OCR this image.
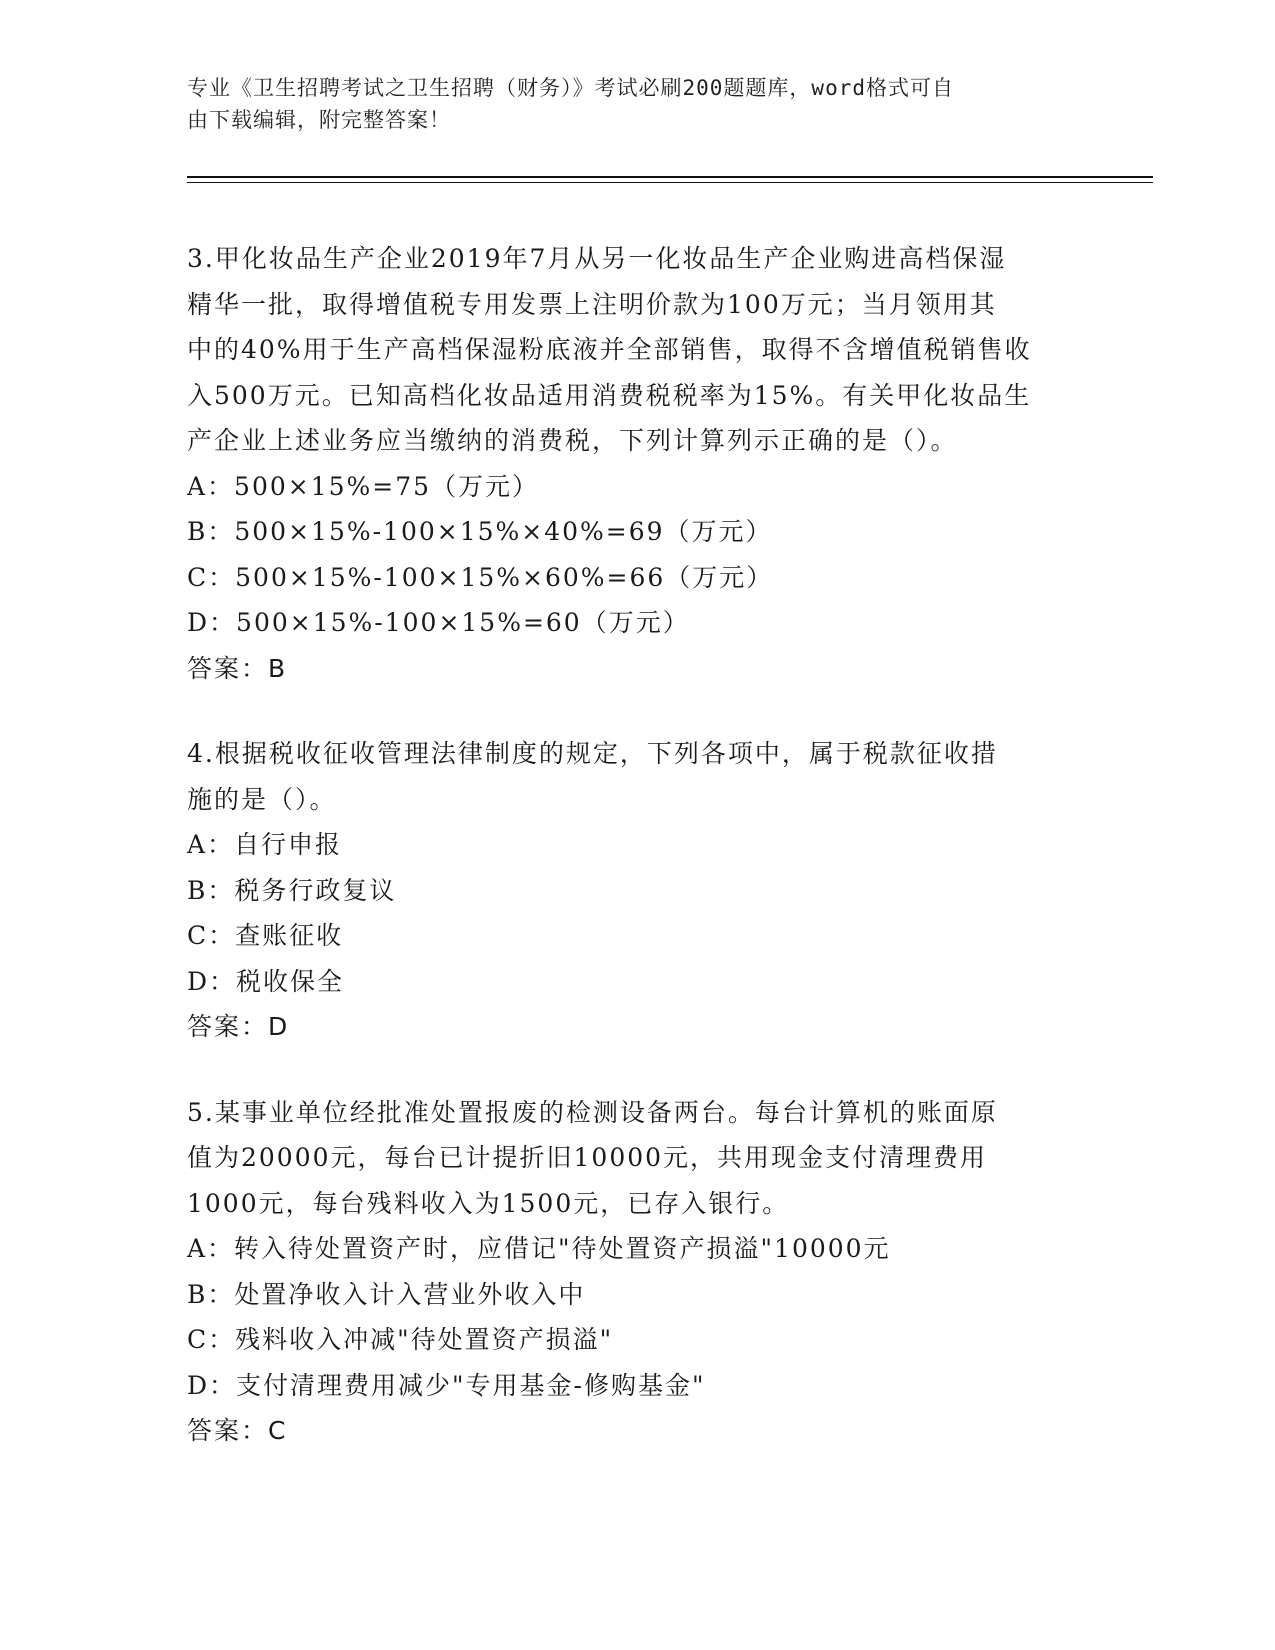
专业《卫生招聘考试之卫生招聘（财务）》考试必刷200题题库，word格式可自
由下载编辑，附完整答案！
3.甲化妆品生产企业2019年7月从另一化妆品生产企业购进高档保湿
精华一批，取得增值税专用发票上注明价款为100万元；当月领用其
中的40%用于生产高档保湿粉底液并全部销售，取得不含增值税销售收
入500万元。已知高档化妆品适用消费税税率为15%。有关甲化妆品生
产企业上述业务应当缴纳的消费税，下列计算列示正确的是（）。
A：500×15%=75（万元）
B：500×15%-100×15%×40%=69（万元）
C：500×15%-100×15%×60%=66（万元）
D：500×15%-100×15%=60（万元）
答案：B
4.根据税收征收管理法律制度的规定，下列各项中，属于税款征收措
施的是（）。
A：自行申报
B：税务行政复议
C：查账征收
D：税收保全
答案：D
5.某事业单位经批准处置报废的检测设备两台。每台计算机的账面原
值为20000元，每台已计提折旧10000元，共用现金支付清理费用
1000元，每台残料收入为1500元，已存入银行。
A：转入待处置资产时，应借记"待处置资产损溢"10000元
B：处置净收入计入营业外收入中
C：残料收入冲减"待处置资产损溢"
D：支付清理费用减少"专用基金-修购基金"
答案：C
